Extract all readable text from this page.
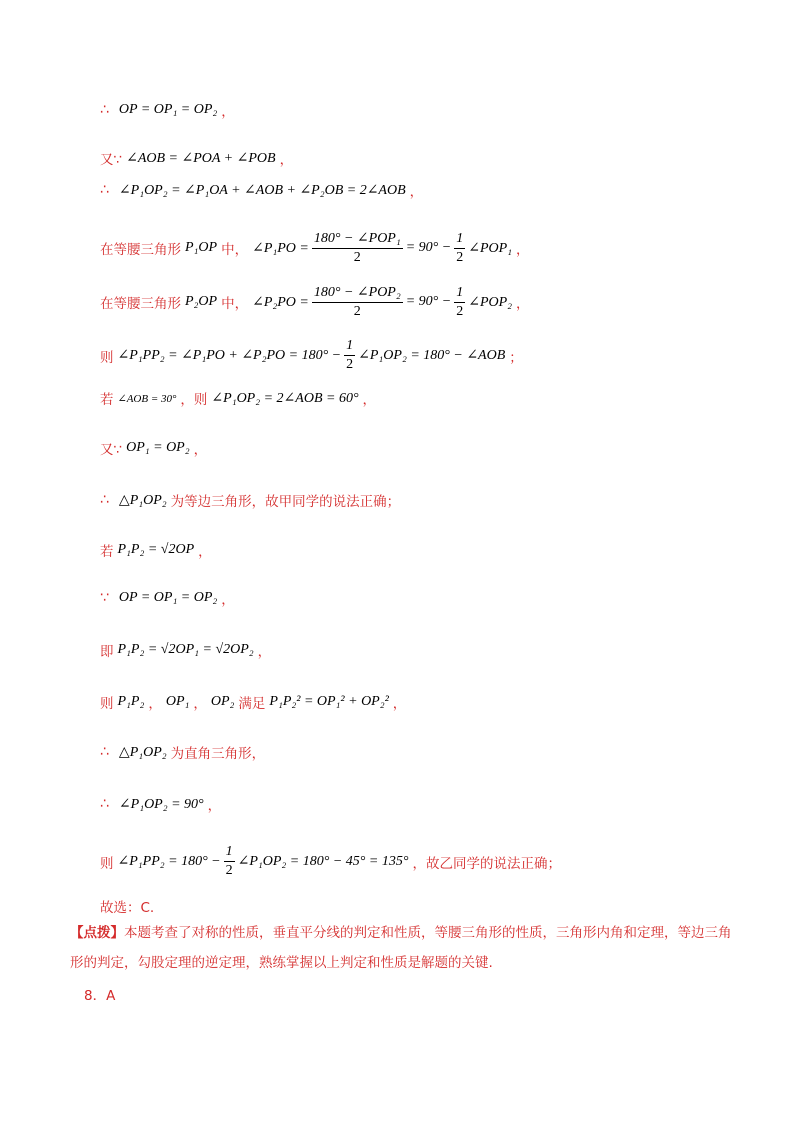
∴ OP = OP₁ = OP₂ ，
又∵ ∠AOB = ∠POA + ∠POB ，
∴ ∠P₁OP₂ = ∠P₁OA + ∠AOB + ∠P₂OB = 2∠AOB ，
在等腰三角形 P₁OP 中， ∠P₁PO = $\frac{\text{180° − ∠POP₁}}{2} = 90^\circ - \frac{1}{2}$ ∠POP₁ ，
在等腰三角形 P₂OP 中， ∠P₂PO = $\frac{\text{180° − ∠POP₂}}{2} = 90^\circ - \frac{1}{2}$ ∠POP₂ ，
则 ∠P₁PP₂ = ∠P₁PO + ∠P₂PO = $180^\circ - \frac{1}{2}$ ∠P₁OP₂ = 180° − ∠AOB ；
若 ∠AOB = 30° ，则 ∠P₁OP₂ = 2∠AOB = 60° ，
又∵ OP₁ = OP₂ ，
∴ △P₁OP₂ 为等边三角形，故甲同学的说法正确；
若 P₁P₂ = √2OP ，
∵ OP = OP₁ = OP₂ ，
即 P₁P₂ = √2OP₁ = √2OP₂ ，
则 P₁P₂ ， OP₁ ， OP₂ 满足 P₁P₂² = OP₁² + OP₂² ，
∴ △P₁OP₂ 为直角三角形，
∴ ∠P₁OP₂ = 90° ，
则 ∠P₁PP₂ = $180^\circ - \frac{1}{2}$ ∠P₁OP₂ = 180° − 45° = 135° ，故乙同学的说法正确；
故选：C.
【点拨】本题考查了对称的性质，垂直平分线的判定和性质，等腰三角形的性质，三角形内角和定理，等边三角形的判定，勾股定理的逆定理，熟练掌握以上判定和性质是解题的关键.
8．A
